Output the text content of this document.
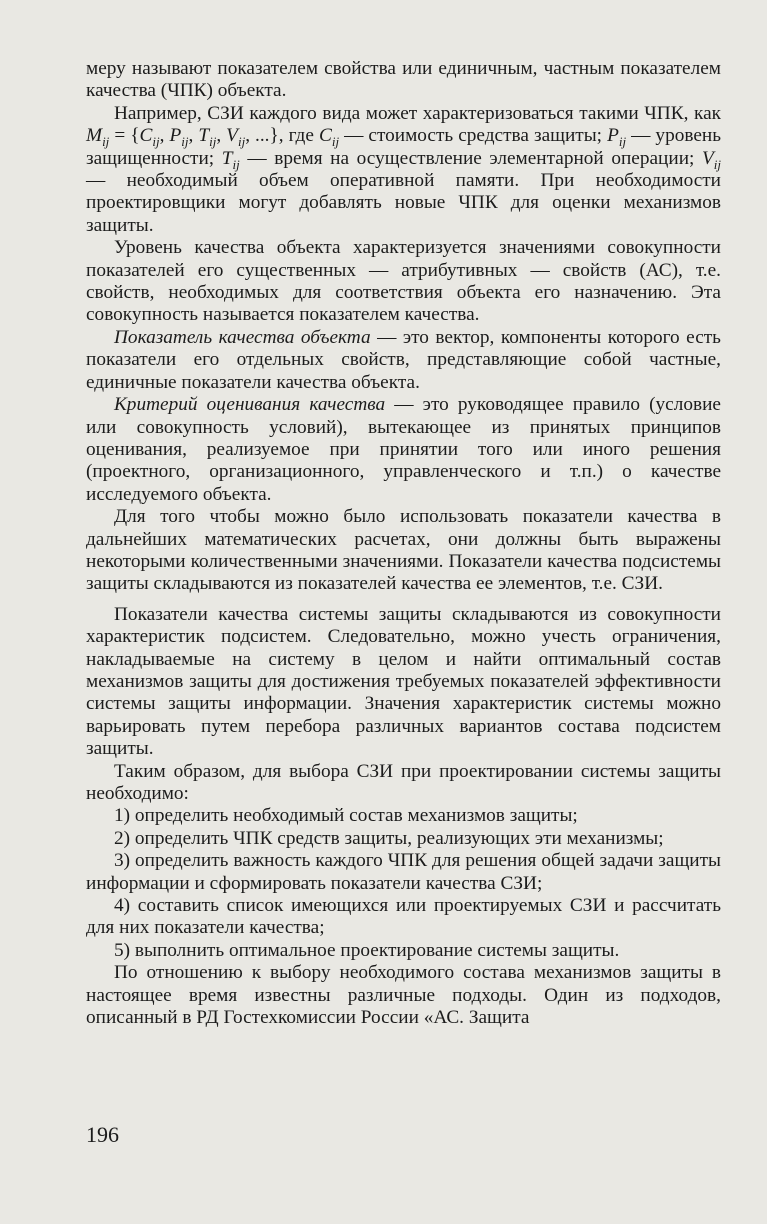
меру называют показателем свойства или единичным, частным показателем качества (ЧПК) объекта.

Например, СЗИ каждого вида может характеризоваться такими ЧПК, как $M_{ij} = \{C_{ij}$, $P_{ij}$, $T_{ij}$, $V_{ij}$, ...}, где $C_{ij}$ — стоимость средства защиты; $P_{ij}$ — уровень защищенности; $T_{ij}$ — время на осуществление элементарной операции; $V_{ij}$ — необходимый объем оперативной памяти. При необходимости проектировщики могут добавлять новые ЧПК для оценки механизмов защиты.

Уровень качества объекта характеризуется значениями совокупности показателей его существенных — атрибутивных — свойств (АС), т.е. свойств, необходимых для соответствия объекта его назначению. Эта совокупность называется показателем качества.

Показатель качества объекта — это вектор, компоненты которого есть показатели его отдельных свойств, представляющие собой частные, единичные показатели качества объекта.

Критерий оценивания качества — это руководящее правило (условие или совокупность условий), вытекающее из принятых принципов оценивания, реализуемое при принятии того или иного решения (проектного, организационного, управленческого и т.п.) о качестве исследуемого объекта.

Для того чтобы можно было использовать показатели качества в дальнейших математических расчетах, они должны быть выражены некоторыми количественными значениями. Показатели качества подсистемы защиты складываются из показателей качества ее элементов, т.е. СЗИ.

Показатели качества системы защиты складываются из совокупности характеристик подсистем. Следовательно, можно учесть ограничения, накладываемые на систему в целом и найти оптимальный состав механизмов защиты для достижения требуемых показателей эффективности системы защиты информации. Значения характеристик системы можно варьировать путем перебора различных вариантов состава подсистем защиты.

Таким образом, для выбора СЗИ при проектировании системы защиты необходимо:

1) определить необходимый состав механизмов защиты;

2) определить ЧПК средств защиты, реализующих эти механизмы;

3) определить важность каждого ЧПК для решения общей задачи защиты информации и сформировать показатели качества СЗИ;

4) составить список имеющихся или проектируемых СЗИ и рассчитать для них показатели качества;

5) выполнить оптимальное проектирование системы защиты.

По отношению к выбору необходимого состава механизмов защиты в настоящее время известны различные подходы. Один из подходов, описанный в РД Гостехкомиссии России «АС. Защита

196
